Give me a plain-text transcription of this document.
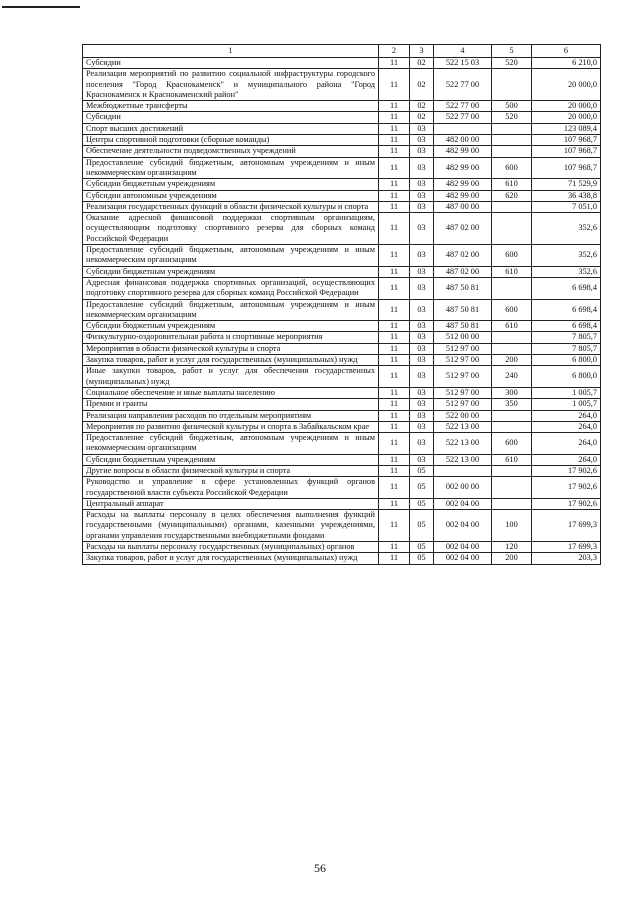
1	2	3	4	5	6
Субсидии	11	02	522 15 03	520	6 210,0
Реализация мероприятий по развитию социальной инфраструктуры городского поселения "Город Краснокаменск" и муниципального района "Город Краснокаменск и Краснокаменский район"	11	02	522 77 00		20 000,0
Межбюджетные трансферты	11	02	522 77 00	500	20 000,0
Субсидии	11	02	522 77 00	520	20 000,0
Спорт высших достижений	11	03			123 089,4
Центры спортивной подготовки (сборные команды)	11	03	482 00 00		107 968,7
Обеспечение деятельности подведомственных учреждений	11	03	482 99 00		107 968,7
Предоставление субсидий бюджетным, автономным учреждениям и иным некоммерческим организациям	11	03	482 99 00	600	107 968,7
Субсидии бюджетным учреждениям	11	03	482 99 00	610	71 529,9
Субсидии автономным учреждениям	11	03	482 99 00	620	36 438,8
Реализация государственных функций в области физической культуры и спорта	11	03	487 00 00		7 051,0
Оказание адресной финансовой поддержки спортивным организациям, осуществляющим подготовку спортивного резерва для сборных команд Российской Федерации	11	03	487 02 00		352,6
Предоставление субсидий бюджетным, автономным учреждениям и иным некоммерческим организациям	11	03	487 02 00	600	352,6
Субсидии бюджетным учреждениям	11	03	487 02 00	610	352,6
Адресная финансовая поддержка спортивных организаций, осуществляющих подготовку спортивного резерва для сборных команд Российской Федерации	11	03	487 50 81		6 698,4
Предоставление субсидий бюджетным, автономным учреждениям и иным некоммерческим организациям	11	03	487 50 81	600	6 698,4
Субсидии бюджетным учреждениям	11	03	487 50 81	610	6 698,4
Физкультурно-оздоровительная работа и спортивные мероприятия	11	03	512 00 00		7 805,7
Мероприятия в области физической культуры и спорта	11	03	512 97 00		7 805,7
Закупка товаров, работ и услуг для государственных (муниципальных) нужд	11	03	512 97 00	200	6 800,0
Иные закупки товаров, работ и услуг для обеспечения государственных (муниципальных) нужд	11	03	512 97 00	240	6 800,0
Социальное обеспечение и иные выплаты населению	11	03	512 97 00	300	1 005,7
Премии и гранты	11	03	512 97 00	350	1 005,7
Реализация направления расходов по отдельным мероприятиям	11	03	522 00 00		264,0
Мероприятия по развитию физической культуры и спорта в Забайкальском крае	11	03	522 13 00		264,0
Предоставление субсидий бюджетным, автономным учреждениям и иным некоммерческим организациям	11	03	522 13 00	600	264,0
Субсидии бюджетным учреждениям	11	03	522 13 00	610	264,0
Другие вопросы в области физической культуры и спорта	11	05			17 902,6
Руководство и управление в сфере установленных функций органов государственной власти субъекта Российской Федерации	11	05	002 00 00		17 902,6
Центральный аппарат	11	05	002 04 00		17 902,6
Расходы на выплаты персоналу в целях обеспечения выполнения функций государственными (муниципальными) органами, казенными учреждениями, органами управления государственными внебюджетными фондами	11	05	002 04 00	100	17 699,3
Расходы на выплаты персоналу государственных (муниципальных) органов	11	05	002 04 00	120	17 699,3
Закупка товаров, работ и услуг для государственных (муниципальных) нужд	11	05	002 04 00	200	203,3
56
